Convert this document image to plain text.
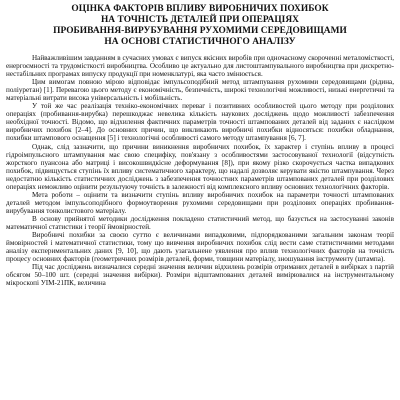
ОЦІНКА ФАКТОРІВ ВПЛИВУ ВИРОБНИЧИХ ПОХИБОК
НА ТОЧНІСТЬ ДЕТАЛЕЙ ПРИ ОПЕРАЦІЯХ
ПРОБИВАННЯ-ВИРУБУВАННЯ РУХОМИМИ СЕРЕДОВИЩАМИ
НА ОСНОВІ СТАТИСТИЧНОГО АНАЛІЗУ

Найважливішим завданням в сучасних умовах є випуск якісних виробів при одночасному скороченні металомісткості, енергоємності та трудомісткості виробництва. Особливо це актуально для листоштампувального виробництва при дискретно-нестабільних програмах випуску продукції при номенклатурі, яка часто змінюється.

Цим вимогам повною мірою відповідає імпульсоподібний метод штампування рухомими середовищами (рідина, поліуретан) [1]. Перевагою цього методу є економічність, безпечність, широкі технологічні можливості, низькі енергетичні та матеріальні витрати висока універсальність і мобільність.

У той же час реалізація техніко-економічних переваг і позитивних особливостей цього методу при розділових операціях (пробивання-вирубка) перешкоджає невелика кількість наукових досліджень щодо можливості забезпечення необхідної точності. Відомо, що відхилення фактичних параметрів точності штампованих деталей від заданих є наслідком виробничих похибок [2–4]. До основних причин, що викликають виробничі похибки відносяться: похибки обладнання, похибки штампового оснащення [5] і технологічні особливості самого методу штампування [6, 7].

Однак, слід зазначити, що причини виникнення виробничих похибок, їх характер і ступінь впливу в процесі гідроімпульсного штампування має свою специфіку, пов'язану з особливостями застосовуваної технології (відсутність жорсткого пуансона або матриці і високошвидкісне деформування [8]), при якому різко скорочується частка випадкових похибок, підвищується ступінь їх впливу систематичного характеру, що надалі дозволяє керувати якістю штампування. Через недостатню кількість статистичних досліджень з забезпечення точностних параметрів штампованих деталей при розділових операціях неможливо оцінити результуючу точність в залежності від комплексного впливу основних технологічних факторів.

Мета роботи – оцінити та визначити ступінь впливу виробничих похибок на параметри точності штампованих деталей методом імпульсоподібного формоутворення рухомими середовищами при розділових операціях пробивання-вирубування тонколистового матеріалу.

В основу прийнятої методики дослідження покладено статистичний метод, що базується на застосуванні законів математичної статистики і теорії ймовірностей.

Виробничі похибки за своєю суттю є величинами випадковими, підпорядкованими загальним законам теорії ймовірностей і математичної статистики, тому що вивчення виробничих похибок слід вести саме статистичними методами аналізу експериментальних даних [9, 10], що дають узагальнене уявлення про вплив технологічних факторів на точність процесу основних факторів (геометричних розмірів деталей, форми, товщини матеріалу, зношування інструменту (штампа).

Під час досліджень визначалися середні значення величин відхилень розмірів отриманих деталей в вибірках з партій обсягом 50–100 шт. (середні значення вибірки). Розміри відштампованих деталей вимірювалися на інструментальному мікроскопі УІМ-21ПК, величина
